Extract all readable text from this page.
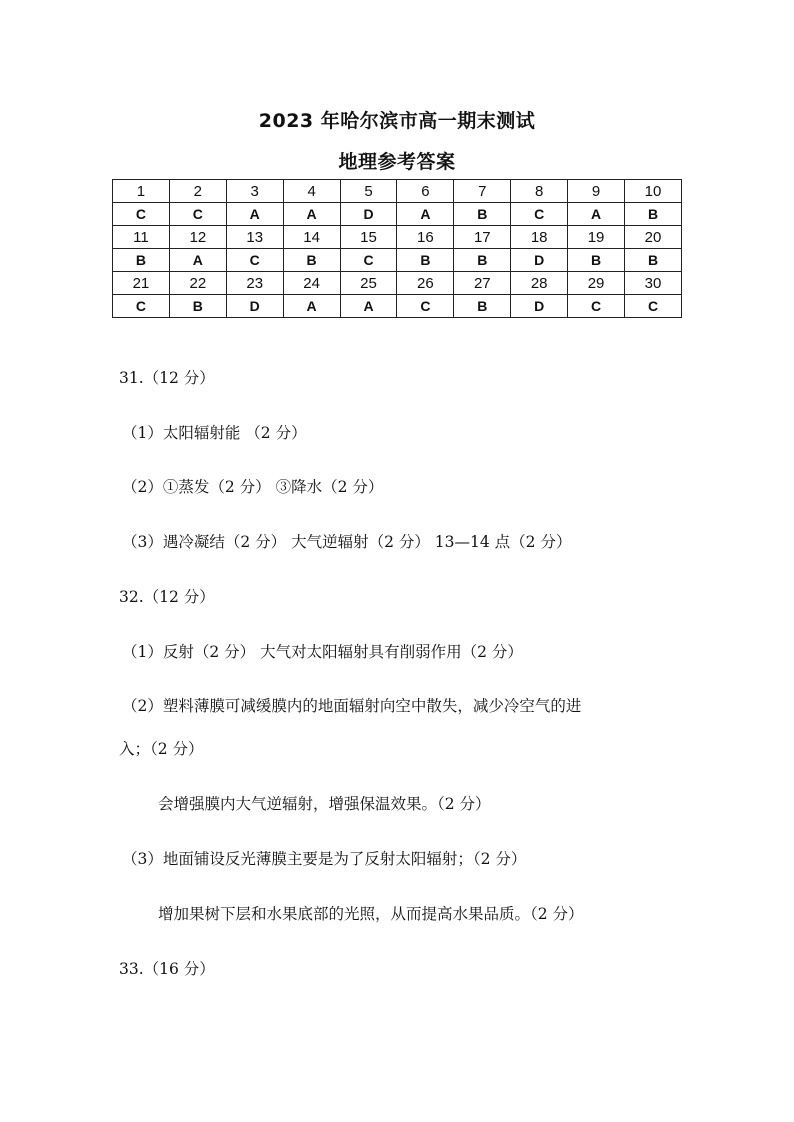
2023 年哈尔滨市高一期末测试
地理参考答案
1	2	3	4	5	6	7	8	9	10
C	C	A	A	D	A	B	C	A	B
11	12	13	14	15	16	17	18	19	20
B	A	C	B	C	B	B	D	B	B
21	22	23	24	25	26	27	28	29	30
C	B	D	A	A	C	B	D	C	C
31.（12 分）
（1）太阳辐射能 （2 分）
（2）①蒸发（2 分） ③降水（2 分）
（3）遇冷凝结（2 分） 大气逆辐射（2 分） 13—14 点（2 分）
32.（12 分）
（1）反射（2 分） 大气对太阳辐射具有削弱作用（2 分）
（2）塑料薄膜可减缓膜内的地面辐射向空中散失，减少冷空气的进
入；（2 分）
会增强膜内大气逆辐射，增强保温效果。（2 分）
（3）地面铺设反光薄膜主要是为了反射太阳辐射；（2 分）
增加果树下层和水果底部的光照，从而提高水果品质。（2 分）
33.（16 分）
